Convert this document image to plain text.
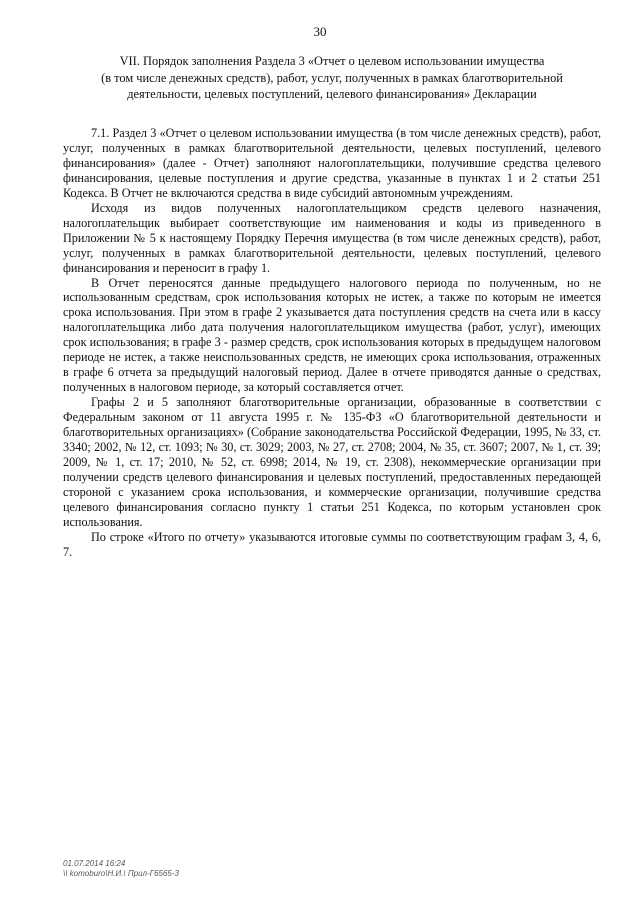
30
VII. Порядок заполнения Раздела 3 «Отчет о целевом использовании имущества
(в том числе денежных средств), работ, услуг, полученных в рамках благотворительной
деятельности, целевых поступлений, целевого финансирования» Декларации

7.1. Раздел 3 «Отчет о целевом использовании имущества (в том числе денежных средств), работ, услуг, полученных в рамках благотворительной деятельности, целевых поступлений, целевого финансирования» (далее - Отчет) заполняют налогоплательщики, получившие средства целевого финансирования, целевые поступления и другие средства, указанные в пунктах 1 и 2 статьи 251 Кодекса. В Отчет не включаются средства в виде субсидий автономным учреждениям.

Исходя из видов полученных налогоплательщиком средств целевого назначения, налогоплательщик выбирает соответствующие им наименования и коды из приведенного в Приложении № 5 к настоящему Порядку Перечня имущества (в том числе денежных средств), работ, услуг, полученных в рамках благотворительной деятельности, целевых поступлений, целевого финансирования и переносит в графу 1.

В Отчет переносятся данные предыдущего налогового периода по полученным, но не использованным средствам, срок использования которых не истек, а также по которым не имеется срока использования. При этом в графе 2 указывается дата поступления средств на счета или в кассу налогоплательщика либо дата получения налогоплательщиком имущества (работ, услуг), имеющих срок использования; в графе 3 - размер средств, срок использования которых в предыдущем налоговом периоде не истек, а также неиспользованных средств, не имеющих срока использования, отраженных в графе 6 отчета за предыдущий налоговый период. Далее в отчете приводятся данные о средствах, полученных в налоговом периоде, за который составляется отчет.

Графы 2 и 5 заполняют благотворительные организации, образованные в соответствии с Федеральным законом от 11 августа 1995 г. № 135-ФЗ «О благотворительной деятельности и благотворительных организациях» (Собрание законодательства Российской Федерации, 1995, № 33, ст. 3340; 2002, № 12, ст. 1093; № 30, ст. 3029; 2003, № 27, ст. 2708; 2004, № 35, ст. 3607; 2007, № 1, ст. 39; 2009, № 1, ст. 17; 2010, № 52, ст. 6998; 2014, № 19, ст. 2308), некоммерческие организации при получении средств целевого финансирования и целевых поступлений, предоставленных передающей стороной с указанием срока использования, и коммерческие организации, получившие средства целевого финансирования согласно пункту 1 статьи 251 Кодекса, по которым установлен срок использования.

По строке «Итого по отчету» указываются итоговые суммы по соответствующим графам 3, 4, 6, 7.

01.07.2014 16:24
\\ komoburo\Н.И.\ Прил-Г6565-3
